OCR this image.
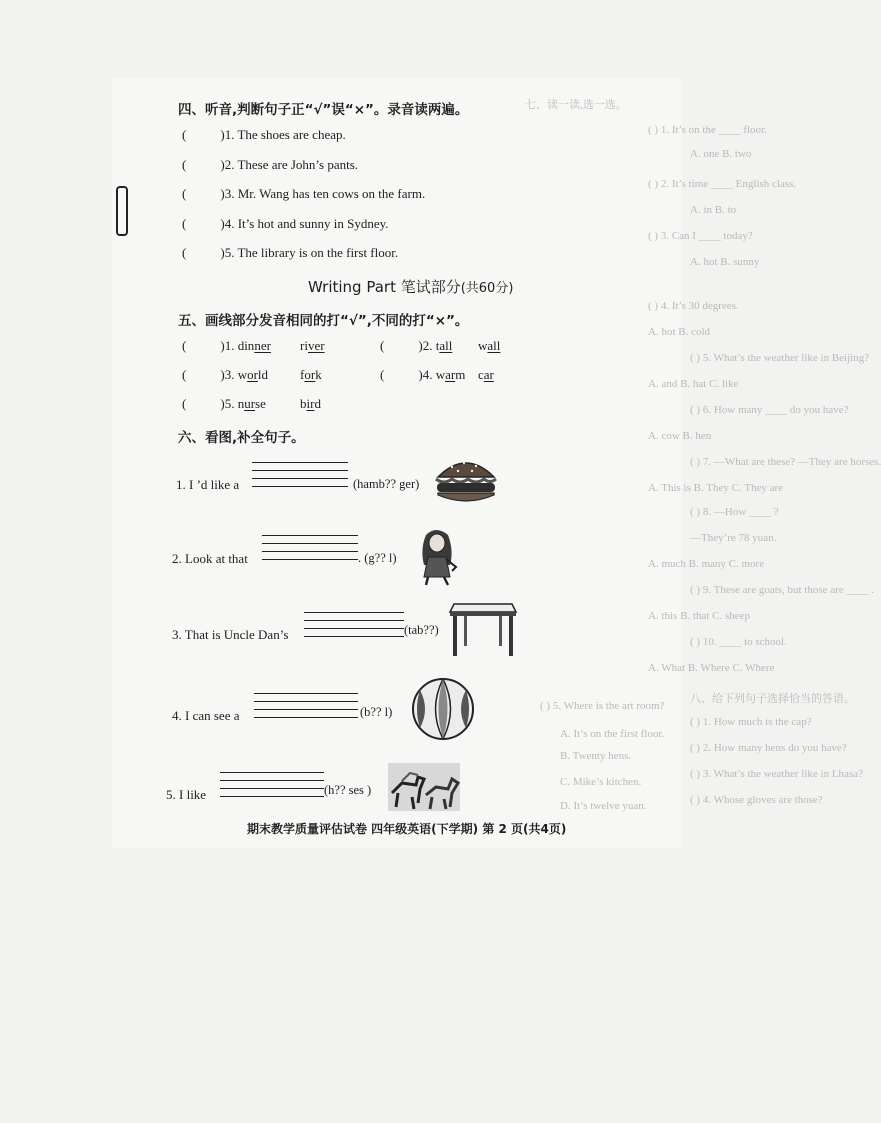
七、读一读,选一选。
( ) 1. It’s on the ____ floor.
A. one B. two
( ) 2. It’s time ____ English class.
A. in B. to
( ) 3. Can I ____ today?
A. hot B. sunny
( ) 4. It’s 30 degrees.
A. hot B. cold
( ) 5. What’s the weather like in Beijing?
A. and B. hat C. like
( ) 6. How many ____ do you have?
A. cow B. hen
( ) 7. —What are these? —They are horses.
A. This is B. They C. They are
( ) 8. —How ____ ?
—They’re 78 yuan.
A. much B. many C. more
( ) 9. These are goats, but those are ____ .
A. this B. that C. sheep
( ) 10. ____ to school.
A. What B. Where C. Where
八、给下列句子选择恰当的答语。
( ) 1. How much is the cap?
( ) 2. How many hens do you have?
( ) 3. What’s the weather like in Lhasa?
( ) 4. Whose gloves are those?
( ) 5. Where is the art room?
A. It’s on the first floor.
B. Twenty hens.
C. Mike’s kitchen.
D. It’s twelve yuan.
四、听音,判断句子正“√”误“×”。录音读两遍。
(	)1. The shoes are cheap.
(	)2. These are John’s pants.
(	)3. Mr. Wang has ten cows on the farm.
(	)4. It’s hot and sunny in Sydney.
(	)5. The library is on the first floor.
Writing Part 笔试部分(共60分)
五、画线部分发音相同的打“√”,不同的打“×”。
(	)1. dinner river	(	)2. tall wall
(	)3. world fork	(	)4. warm car
(	)5. nurse	bird
六、看图,补全句子。
1. I ’d like a	(hamb?? ger)
2. Look at that	. (g?? l)
3. That is Uncle Dan’s	(tab??)
4. I can see a	(b?? l)
5. I like	(h?? ses )
期末教学质量评估试卷 四年级英语(下学期) 第 2 页(共4页)
